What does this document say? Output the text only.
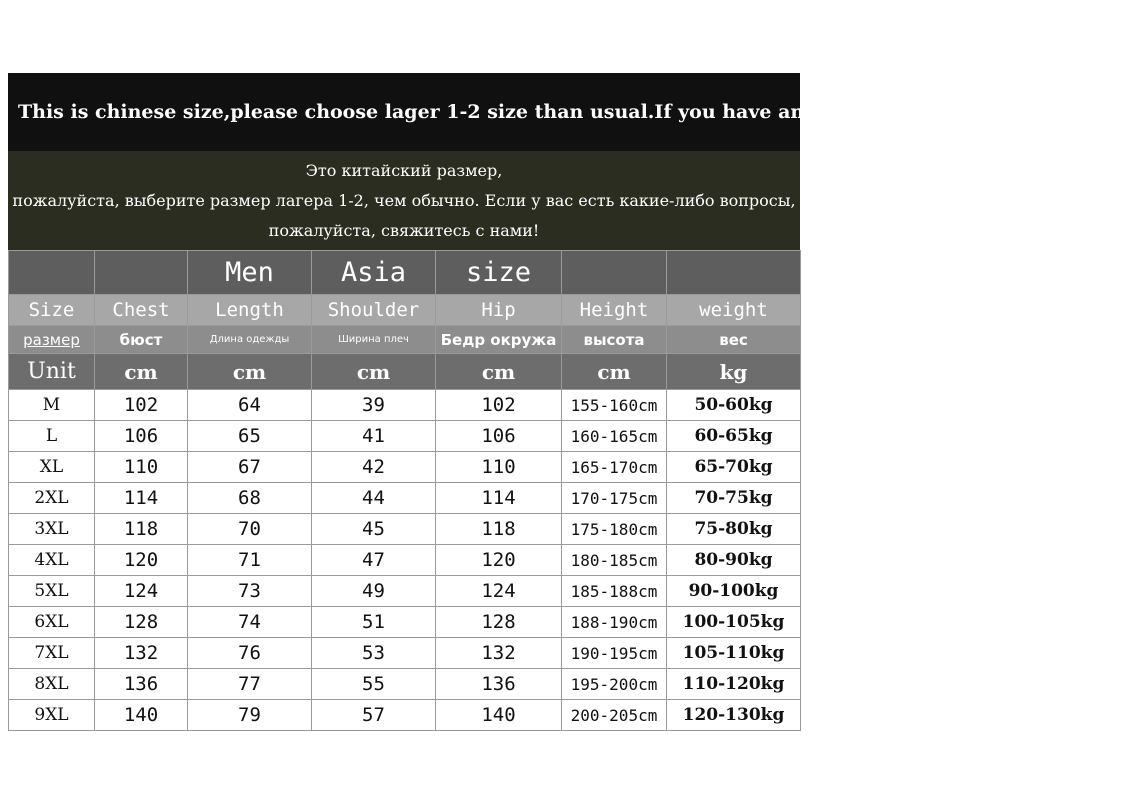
This is chinese size,please choose lager 1-2 size than usual.If you have any questions,please contact us!
Это китайский размер,
пожалуйста, выберите размер лагера 1-2, чем обычно. Если у вас есть какие-либо вопросы,
пожалуйста, свяжитесь с нами!
		Men	Asia	size		
Size	Chest	Length	Shoulder	Hip	Height	weight
размер	бюст	Длина одежды	Ширина плеч	Бедр окружа	высота	вес
Unit	cm	cm	cm	cm	cm	kg
M	102	64	39	102	155-160cm	50-60kg
L	106	65	41	106	160-165cm	60-65kg
XL	110	67	42	110	165-170cm	65-70kg
2XL	114	68	44	114	170-175cm	70-75kg
3XL	118	70	45	118	175-180cm	75-80kg
4XL	120	71	47	120	180-185cm	80-90kg
5XL	124	73	49	124	185-188cm	90-100kg
6XL	128	74	51	128	188-190cm	100-105kg
7XL	132	76	53	132	190-195cm	105-110kg
8XL	136	77	55	136	195-200cm	110-120kg
9XL	140	79	57	140	200-205cm	120-130kg
